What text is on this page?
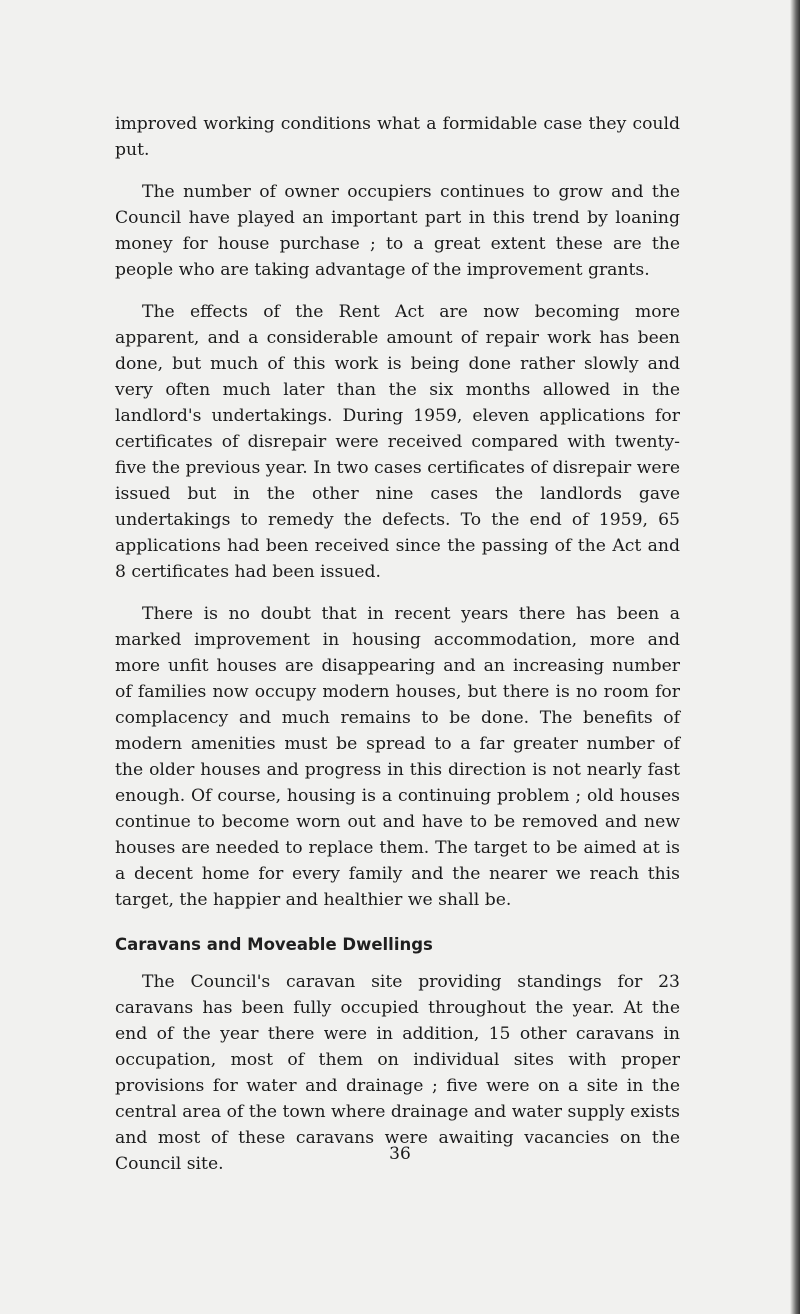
improved working conditions what a formidable case they could put.

The number of owner occupiers continues to grow and the Council have played an important part in this trend by loaning money for house purchase ; to a great extent these are the people who are taking advantage of the improvement grants.

The effects of the Rent Act are now becoming more apparent, and a considerable amount of repair work has been done, but much of this work is being done rather slowly and very often much later than the six months allowed in the landlord's undertakings. During 1959, eleven applications for certificates of disrepair were received compared with twenty-five the previous year. In two cases certificates of disrepair were issued but in the other nine cases the landlords gave undertakings to remedy the defects. To the end of 1959, 65 applications had been received since the passing of the Act and 8 certificates had been issued.

There is no doubt that in recent years there has been a marked improvement in housing accommodation, more and more unfit houses are disappearing and an increasing number of families now occupy modern houses, but there is no room for complacency and much remains to be done. The benefits of modern amenities must be spread to a far greater number of the older houses and progress in this direction is not nearly fast enough. Of course, housing is a continuing problem ; old houses continue to become worn out and have to be removed and new houses are needed to replace them. The target to be aimed at is a decent home for every family and the nearer we reach this target, the happier and healthier we shall be.

Caravans and Moveable Dwellings

The Council's caravan site providing standings for 23 caravans has been fully occupied throughout the year. At the end of the year there were in addition, 15 other caravans in occupation, most of them on individual sites with proper provisions for water and drainage ; five were on a site in the central area of the town where drainage and water supply exists and most of these caravans were awaiting vacancies on the Council site.	36
